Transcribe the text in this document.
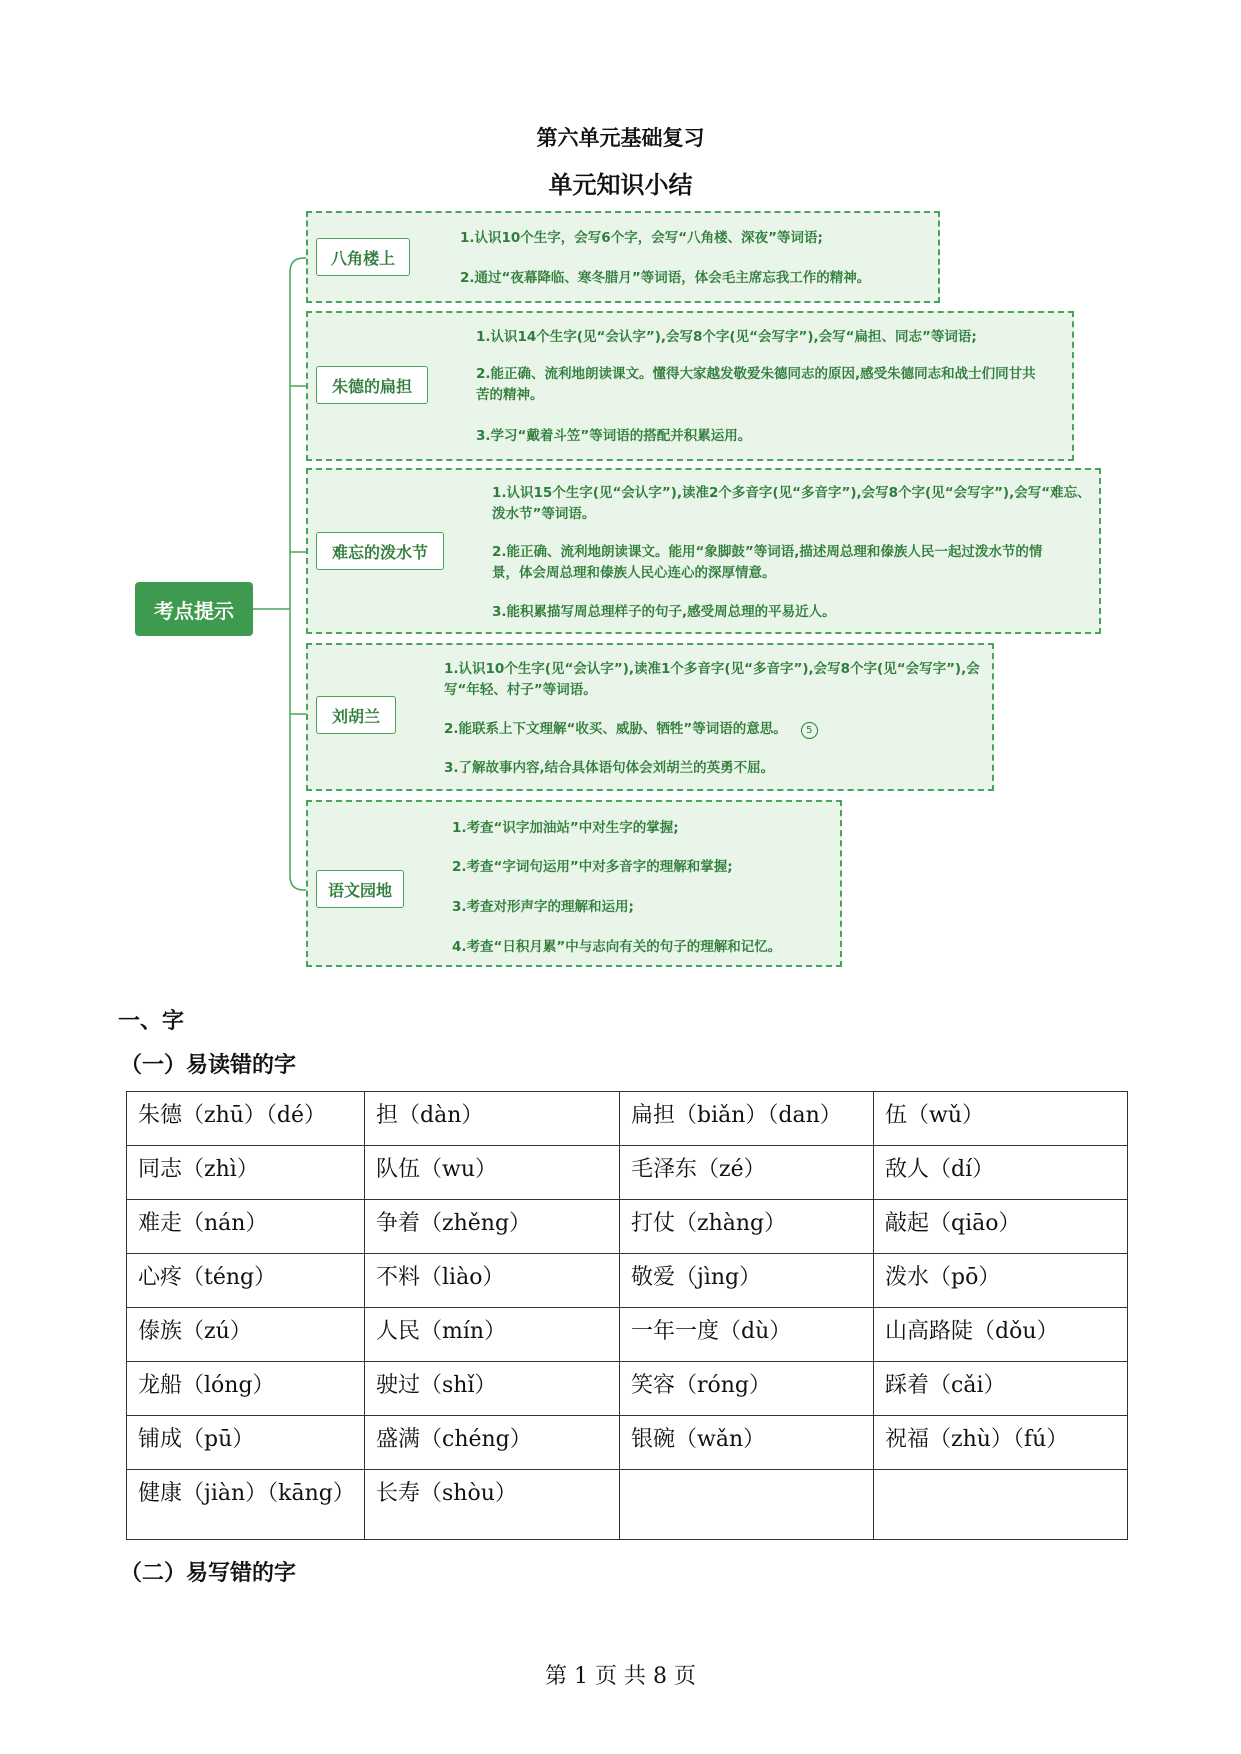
第六单元基础复习
单元知识小结
考点提示
八角楼上
1.认识10个生字，会写6个字，会写“八角楼、深夜”等词语;
2.通过“夜幕降临、寒冬腊月”等词语，体会毛主席忘我工作的精神。
朱德的扁担
1.认识14个生字(见“会认字”),会写8个字(见“会写字”),会写“扁担、同志”等词语;
2.能正确、流利地朗读课文。懂得大家越发敬爱朱德同志的原因,感受朱德同志和战士们同甘共苦的精神。
3.学习“戴着斗笠”等词语的搭配并积累运用。
难忘的泼水节
1.认识15个生字(见“会认字”),读准2个多音字(见“多音字”),会写8个字(见“会写字”),会写“难忘、泼水节”等词语。
2.能正确、流利地朗读课文。能用“象脚鼓”等词语,描述周总理和傣族人民一起过泼水节的情景，体会周总理和傣族人民心连心的深厚情意。
3.能积累描写周总理样子的句子,感受周总理的平易近人。
刘胡兰
1.认识10个生字(见“会认字”),读准1个多音字(见“多音字”),会写8个字(见“会写字”),会写“年轻、村子”等词语。
2.能联系上下文理解“收买、威胁、牺牲”等词语的意思。 5
3.了解故事内容,结合具体语句体会刘胡兰的英勇不屈。
语文园地
1.考查“识字加油站”中对生字的掌握;
2.考查“字词句运用”中对多音字的理解和掌握;
3.考查对形声字的理解和运用;
4.考查“日积月累”中与志向有关的句子的理解和记忆。
一、字
（一）易读错的字
朱德（zhū）（dé）	担（dàn）	扁担（biǎn）（dan）	伍（wǔ）
同志（zhì）	队伍（wu）	毛泽东（zé）	敌人（dí）
难走（nán）	争着（zhěng）	打仗（zhàng）	敲起（qiāo）
心疼（téng）	不料（liào）	敬爱（jìng）	泼水（pō）
傣族（zú）	人民（mín）	一年一度（dù）	山高路陡（dǒu）
龙船（lóng）	驶过（shǐ）	笑容（róng）	踩着（cǎi）
铺成（pū）	盛满（chéng）	银碗（wǎn）	祝福（zhù）（fú）
健康（jiàn）（kāng）	长寿（shòu）		
（二）易写错的字
第 1 页 共 8 页
